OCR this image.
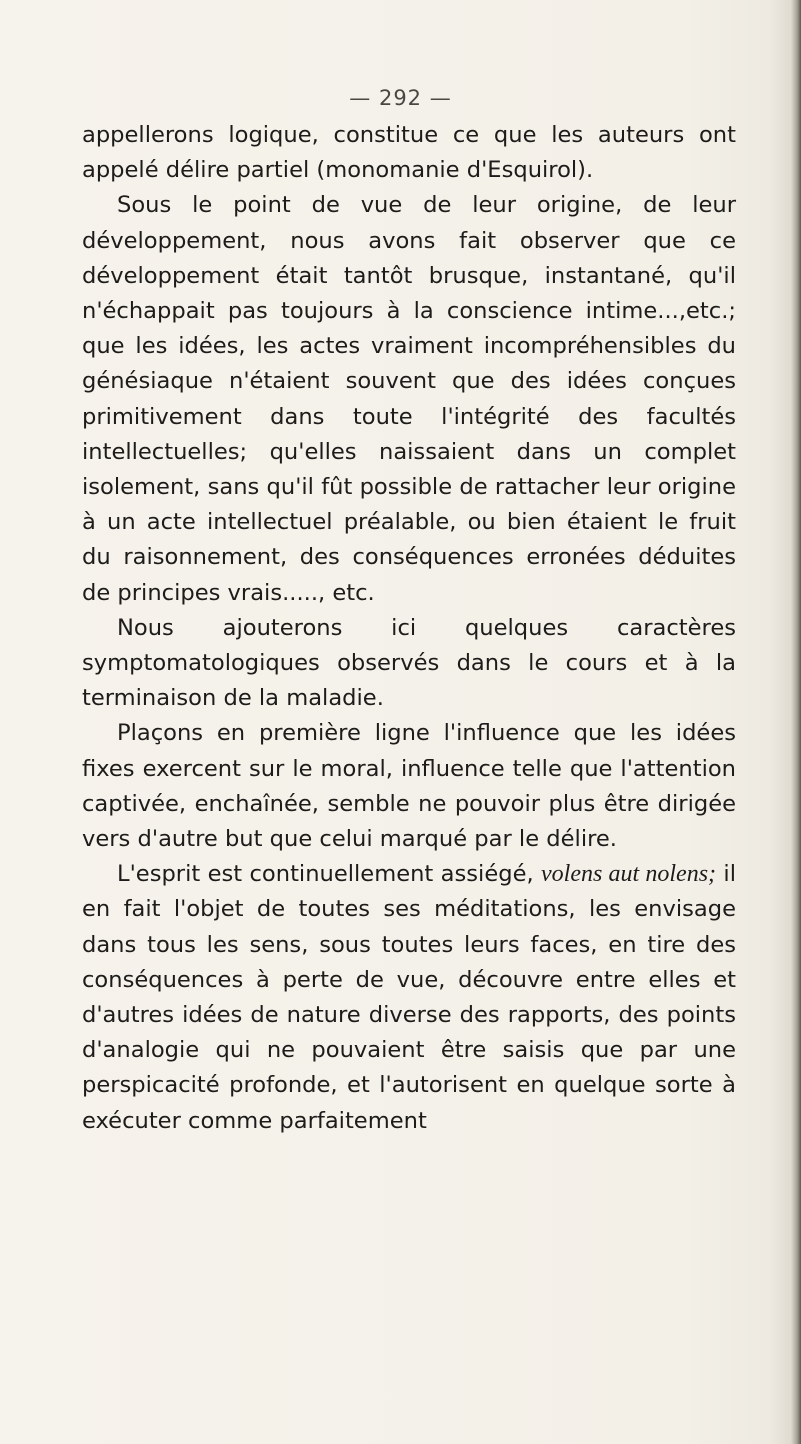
— 292 —

appellerons logique, constitue ce que les auteurs ont appelé délire partiel (monomanie d'Esquirol).

Sous le point de vue de leur origine, de leur développement, nous avons fait observer que ce développement était tantôt brusque, instantané, qu'il n'échappait pas toujours à la conscience intime...,etc.; que les idées, les actes vraiment incompréhensibles du génésiaque n'étaient souvent que des idées conçues primitivement dans toute l'intégrité des facultés intellectuelles; qu'elles naissaient dans un complet isolement, sans qu'il fût possible de rattacher leur origine à un acte intellectuel préalable, ou bien étaient le fruit du raisonnement, des conséquences erronées déduites de principes vrais....., etc.

Nous ajouterons ici quelques caractères symptomatologiques observés dans le cours et à la terminaison de la maladie.

Plaçons en première ligne l'influence que les idées fixes exercent sur le moral, influence telle que l'attention captivée, enchaînée, semble ne pouvoir plus être dirigée vers d'autre but que celui marqué par le délire.

L'esprit est continuellement assiégé, volens aut nolens; il en fait l'objet de toutes ses méditations, les envisage dans tous les sens, sous toutes leurs faces, en tire des conséquences à perte de vue, découvre entre elles et d'autres idées de nature diverse des rapports, des points d'analogie qui ne pouvaient être saisis que par une perspicacité profonde, et l'autorisent en quelque sorte à exécuter comme parfaitement
